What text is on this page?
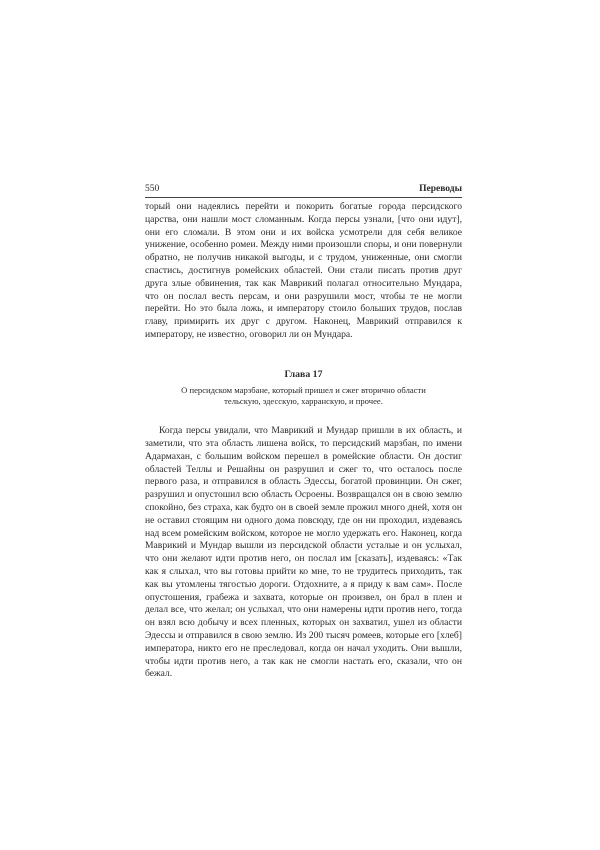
550	Переводы

торый они надеялись перейти и покорить богатые города персидского царства, они нашли мост сломанным. Когда персы узнали, [что они идут], они его сломали. В этом они и их войска усмотрели для себя великое унижение, особенно ромеи. Между ними произошли споры, и они повернули обратно, не получив никакой выгоды, и с трудом, униженные, они смогли спастись, достигнув ромейских областей. Они стали писать против друг друга злые обвинения, так как Маврикий полагал относительно Мундара, что он послал весть персам, и они разрушили мост, чтобы те не могли перейти. Но это была ложь, и императору стоило больших трудов, послав главу, примирить их друг с другом. Наконец, Маврикий отправился к императору, не известно, оговорил ли он Мундара.

Глава 17
О персидском марзбане, который пришел и сжег вторично области тельскую, эдесскую, харранскую, и прочее.

Когда персы увидали, что Маврикий и Мундар пришли в их область, и заметили, что эта область лишена войск, то персидский марзбан, по имени Адармахан, с большим войском перешел в ромейские области. Он достиг областей Теллы и Решайны он разрушил и сжег то, что осталось после первого раза, и отправился в область Эдессы, богатой провинции. Он сжег, разрушил и опустошил всю область Осроены. Возвращался он в свою землю спокойно, без страха, как будто он в своей земле прожил много дней, хотя он не оставил стоящим ни одного дома повсюду, где он ни проходил, издеваясь над всем ромейским войском, которое не могло удержать его. Наконец, когда Маврикий и Мундар вышли из персидской области усталые и он услыхал, что они желают идти против него, он послал им [сказать], издеваясь: «Так как я слыхал, что вы готовы прийти ко мне, то не трудитесь приходить, так как вы утомлены тягостью дороги. Отдохните, а я приду к вам сам». После опустошения, грабежа и захвата, которые он произвел, он брал в плен и делал все, что желал; он услыхал, что они намерены идти против него, тогда он взял всю добычу и всех пленных, которых он захватил, ушел из области Эдессы и отправился в свою землю. Из 200 тысяч ромеев, которые его [хлеб] императора, никто его не преследовал, когда он начал уходить. Они вышли, чтобы идти против него, а так как не смогли настать его, сказали, что он бежал.
